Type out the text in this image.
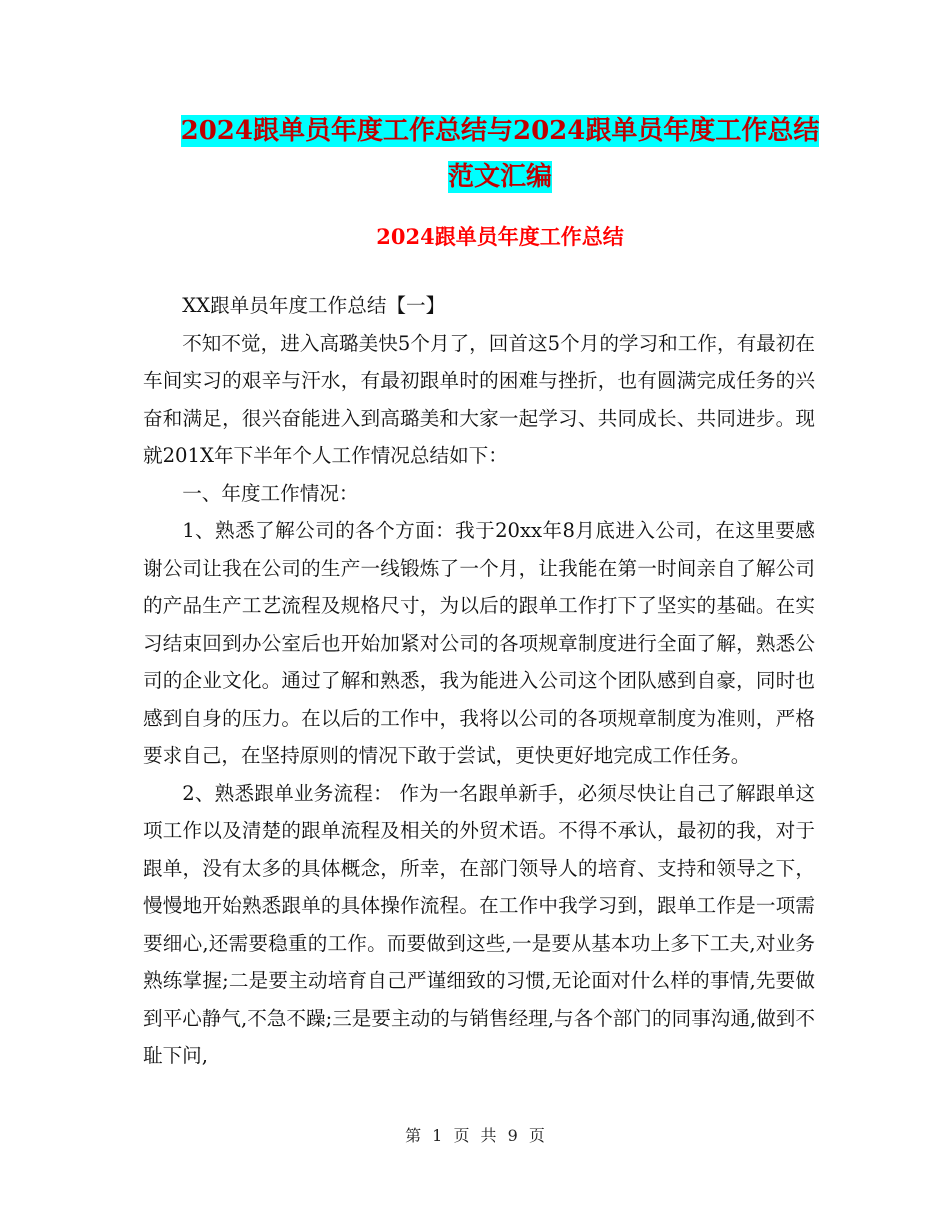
2024跟单员年度工作总结与2024跟单员年度工作总结
范文汇编
2024跟单员年度工作总结

XX跟单员年度工作总结【一】

不知不觉，进入高璐美快5个月了，回首这5个月的学习和工作，有最初在车间实习的艰辛与汗水，有最初跟单时的困难与挫折，也有圆满完成任务的兴奋和满足，很兴奋能进入到高璐美和大家一起学习、共同成长、共同进步。现就201X年下半年个人工作情况总结如下：

一、年度工作情况：

1、熟悉了解公司的各个方面：我于20xx年8月底进入公司，在这里要感谢公司让我在公司的生产一线锻炼了一个月，让我能在第一时间亲自了解公司的产品生产工艺流程及规格尺寸，为以后的跟单工作打下了坚实的基础。在实习结束回到办公室后也开始加紧对公司的各项规章制度进行全面了解，熟悉公司的企业文化。通过了解和熟悉，我为能进入公司这个团队感到自豪，同时也感到自身的压力。在以后的工作中，我将以公司的各项规章制度为准则，严格要求自己，在坚持原则的情况下敢于尝试，更快更好地完成工作任务。

2、熟悉跟单业务流程： 作为一名跟单新手，必须尽快让自己了解跟单这项工作以及清楚的跟单流程及相关的外贸术语。不得不承认，最初的我，对于跟单，没有太多的具体概念，所幸，在部门领导人的培育、支持和领导之下，慢慢地开始熟悉跟单的具体操作流程。在工作中我学习到，跟单工作是一项需要细心,还需要稳重的工作。而要做到这些,一是要从基本功上多下工夫,对业务熟练掌握;二是要主动培育自己严谨细致的习惯,无论面对什么样的事情,先要做到平心静气,不急不躁;三是要主动的与销售经理,与各个部门的同事沟通,做到不耻下问,

第 1 页 共 9 页
